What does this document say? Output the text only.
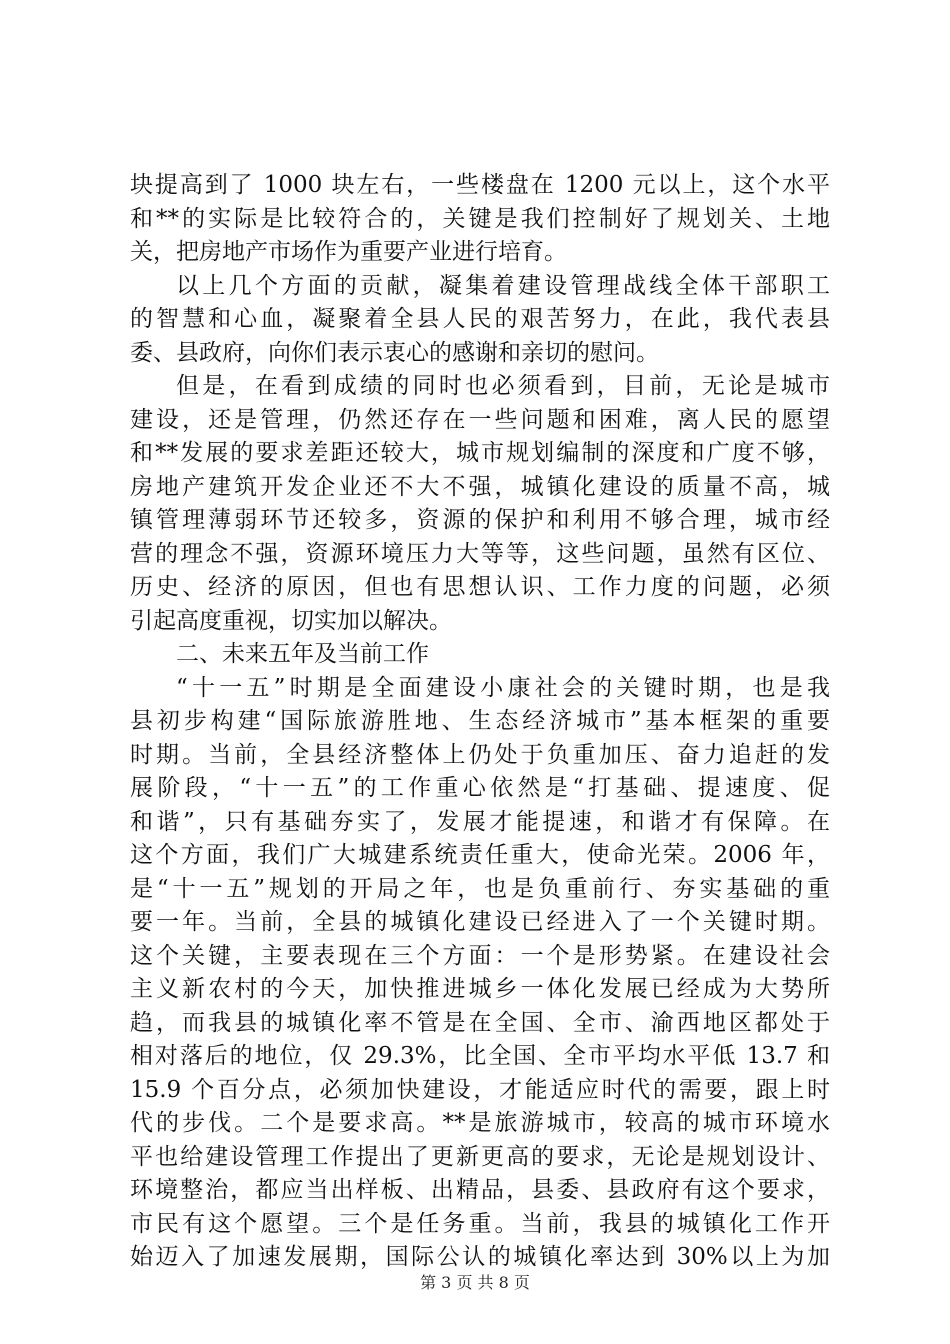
块提高到了 1000 块左右，一些楼盘在 1200 元以上，这个水平
和**的实际是比较符合的，关键是我们控制好了规划关、土地
关，把房地产市场作为重要产业进行培育。
以上几个方面的贡献，凝集着建设管理战线全体干部职工
的智慧和心血，凝聚着全县人民的艰苦努力，在此，我代表县
委、县政府，向你们表示衷心的感谢和亲切的慰问。
但是，在看到成绩的同时也必须看到，目前，无论是城市
建设，还是管理，仍然还存在一些问题和困难，离人民的愿望
和**发展的要求差距还较大，城市规划编制的深度和广度不够，
房地产建筑开发企业还不大不强，城镇化建设的质量不高，城
镇管理薄弱环节还较多，资源的保护和利用不够合理，城市经
营的理念不强，资源环境压力大等等，这些问题，虽然有区位、
历史、经济的原因，但也有思想认识、工作力度的问题，必须
引起高度重视，切实加以解决。
二、未来五年及当前工作
“十一五”时期是全面建设小康社会的关键时期，也是我
县初步构建“国际旅游胜地、生态经济城市”基本框架的重要
时期。当前，全县经济整体上仍处于负重加压、奋力追赶的发
展阶段，“十一五”的工作重心依然是“打基础、提速度、促
和谐”，只有基础夯实了，发展才能提速，和谐才有保障。在
这个方面，我们广大城建系统责任重大，使命光荣。2006 年，
是“十一五”规划的开局之年，也是负重前行、夯实基础的重
要一年。当前，全县的城镇化建设已经进入了一个关键时期。
这个关键，主要表现在三个方面：一个是形势紧。在建设社会
主义新农村的今天，加快推进城乡一体化发展已经成为大势所
趋，而我县的城镇化率不管是在全国、全市、渝西地区都处于
相对落后的地位，仅 29.3%，比全国、全市平均水平低 13.7 和
15.9 个百分点，必须加快建设，才能适应时代的需要，跟上时
代的步伐。二个是要求高。**是旅游城市，较高的城市环境水
平也给建设管理工作提出了更新更高的要求，无论是规划设计、
环境整治，都应当出样板、出精品，县委、县政府有这个要求，
市民有这个愿望。三个是任务重。当前，我县的城镇化工作开
始迈入了加速发展期，国际公认的城镇化率达到 30%以上为加
第 3 页 共 8 页
